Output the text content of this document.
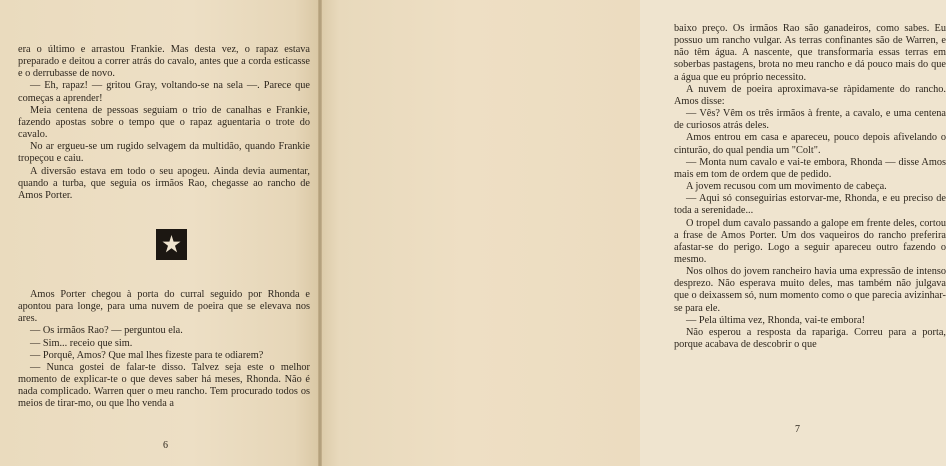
era o último e arrastou Frankie. Mas desta vez, o rapaz estava preparado e deitou a correr atrás do cavalo, antes que a corda esticasse e o derrubasse de novo.

— Eh, rapaz! — gritou Gray, voltando-se na sela —. Parece que começas a aprender!

Meia centena de pessoas seguiam o trio de canalhas e Frankie, fazendo apostas sobre o tempo que o rapaz aguentaria o trote do cavalo.

No ar ergueu-se um rugido selvagem da multidão, quando Frankie tropeçou e caiu.

A diversão estava em todo o seu apogeu. Ainda devia aumentar, quando a turba, que seguia os irmãos Rao, chegasse ao rancho de Amos Porter.

Amos Porter chegou à porta do curral seguido por Rhonda e apontou para longe, para uma nuvem de poeira que se elevava nos ares.

— Os irmãos Rao? — perguntou ela.

— Sim... receio que sim.

— Porquê, Amos? Que mal lhes fizeste para te odiarem?

— Nunca gostei de falar-te disso. Talvez seja este o melhor momento de explicar-te o que deves saber há meses, Rhonda. Não é nada complicado. Warren quer o meu rancho. Tem procurado todos os meios de tirar-mo, ou que lho venda a

6

baixo preço. Os irmãos Rao são ganadeiros, como sabes. Eu possuo um rancho vulgar. As terras confinantes são de Warren, e não têm água. A nascente, que transformaria essas terras em soberbas pastagens, brota no meu rancho e dá pouco mais do que a água que eu próprio necessito.

A nuvem de poeira aproximava-se ràpidamente do rancho. Amos disse:

— Vês? Vêm os três irmãos à frente, a cavalo, e uma centena de curiosos atrás deles.

Amos entrou em casa e apareceu, pouco depois afivelando o cinturão, do qual pendia um "Colt".

— Monta num cavalo e vai-te embora, Rhonda — disse Amos mais em tom de ordem que de pedido.

A jovem recusou com um movimento de cabeça.

— Aqui só conseguirias estorvar-me, Rhonda, e eu preciso de toda a serenidade...

O tropel dum cavalo passando a galope em frente deles, cortou a frase de Amos Porter. Um dos vaqueiros do rancho preferira afastar-se do perigo. Logo a seguir apareceu outro fazendo o mesmo.

Nos olhos do jovem rancheiro havia uma expressão de intenso desprezo. Não esperava muito deles, mas também não julgava que o deixassem só, num momento como o que parecia avizinhar-se para ele.

— Pela última vez, Rhonda, vai-te embora!

Não esperou a resposta da rapariga. Correu para a porta, porque acabava de descobrir o que

7
